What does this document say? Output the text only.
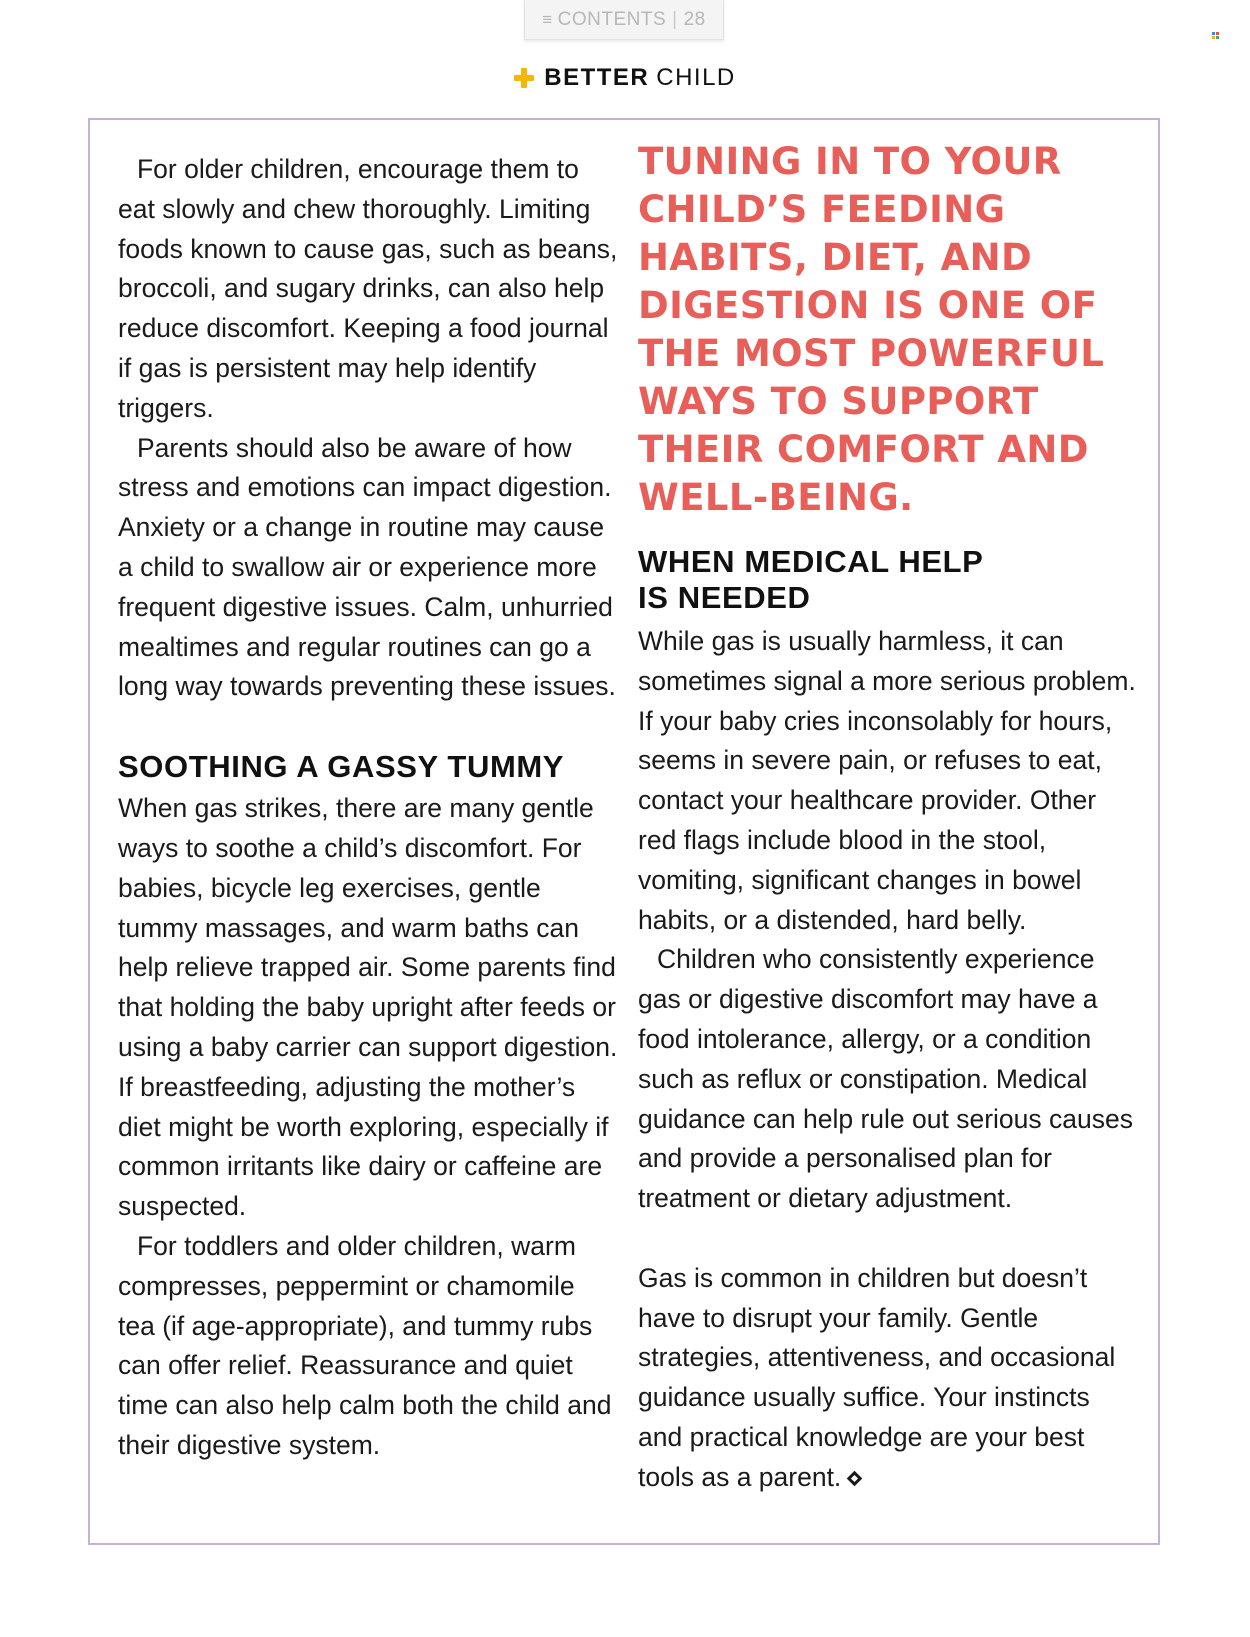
≡ CONTENTS | 28
BETTER CHILD

For older children, encourage them to eat slowly and chew thoroughly. Limiting foods known to cause gas, such as beans, broccoli, and sugary drinks, can also help reduce discomfort. Keeping a food journal if gas is persistent may help identify triggers.

Parents should also be aware of how stress and emotions can impact digestion. Anxiety or a change in routine may cause a child to swallow air or experience more frequent digestive issues. Calm, unhurried mealtimes and regular routines can go a long way towards preventing these issues.

SOOTHING A GASSY TUMMY

When gas strikes, there are many gentle ways to soothe a child’s discomfort. For babies, bicycle leg exercises, gentle tummy massages, and warm baths can help relieve trapped air. Some parents find that holding the baby upright after feeds or using a baby carrier can support digestion. If breastfeeding, adjusting the mother’s diet might be worth exploring, especially if common irritants like dairy or caffeine are suspected.

For toddlers and older children, warm compresses, peppermint or chamomile tea (if age-appropriate), and tummy rubs can offer relief. Reassurance and quiet time can also help calm both the child and their digestive system.

TUNING IN TO YOUR CHILD’S FEEDING HABITS, DIET, AND DIGESTION IS ONE OF THE MOST POWERFUL WAYS TO SUPPORT THEIR COMFORT AND WELL-BEING.
WHEN MEDICAL HELP
IS NEEDED

While gas is usually harmless, it can sometimes signal a more serious problem. If your baby cries inconsolably for hours, seems in severe pain, or refuses to eat, contact your healthcare provider. Other red flags include blood in the stool, vomiting, significant changes in bowel habits, or a distended, hard belly.

Children who consistently experience gas or digestive discomfort may have a food intolerance, allergy, or a condition such as reflux or constipation. Medical guidance can help rule out serious causes and provide a personalised plan for treatment or dietary adjustment.

Gas is common in children but doesn’t have to disrupt your family. Gentle strategies, attentiveness, and occasional guidance usually suffice. Your instincts and practical knowledge are your best tools as a parent.
